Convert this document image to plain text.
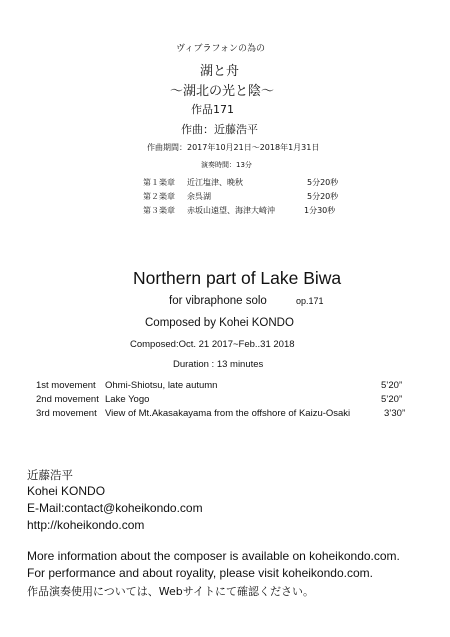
ヴィブラフォンの為の
湖と舟
～湖北の光と陰～
作品171
作曲：近藤浩平
作曲期間：2017年10月21日～2018年1月31日
演奏時間：13分
第１楽章 近江塩津、晩秋	5分20秒
第２楽章 余呉湖	5分20秒
第３楽章 赤坂山遠望、海津大崎沖	1分30秒
Northern part of Lake Biwa
for vibraphone solo	op.171
Composed by Kohei KONDO
Composed:Oct. 21 2017~Feb..31 2018
Duration : 13 minutes
1st movement Ohmi-Shiotsu, late autumn	5’20”
2nd movement Lake Yogo	5’20”
3rd movement View of Mt.Akasakayama from the offshore of Kaizu-Osaki	3’30”
近藤浩平
Kohei KONDO
E-Mail:contact@koheikondo.com
http://koheikondo.com
More information about the composer is available on koheikondo.com.
For performance and about royality, please visit koheikondo.com.
作品演奏使用については、Webサイトにて確認ください。
